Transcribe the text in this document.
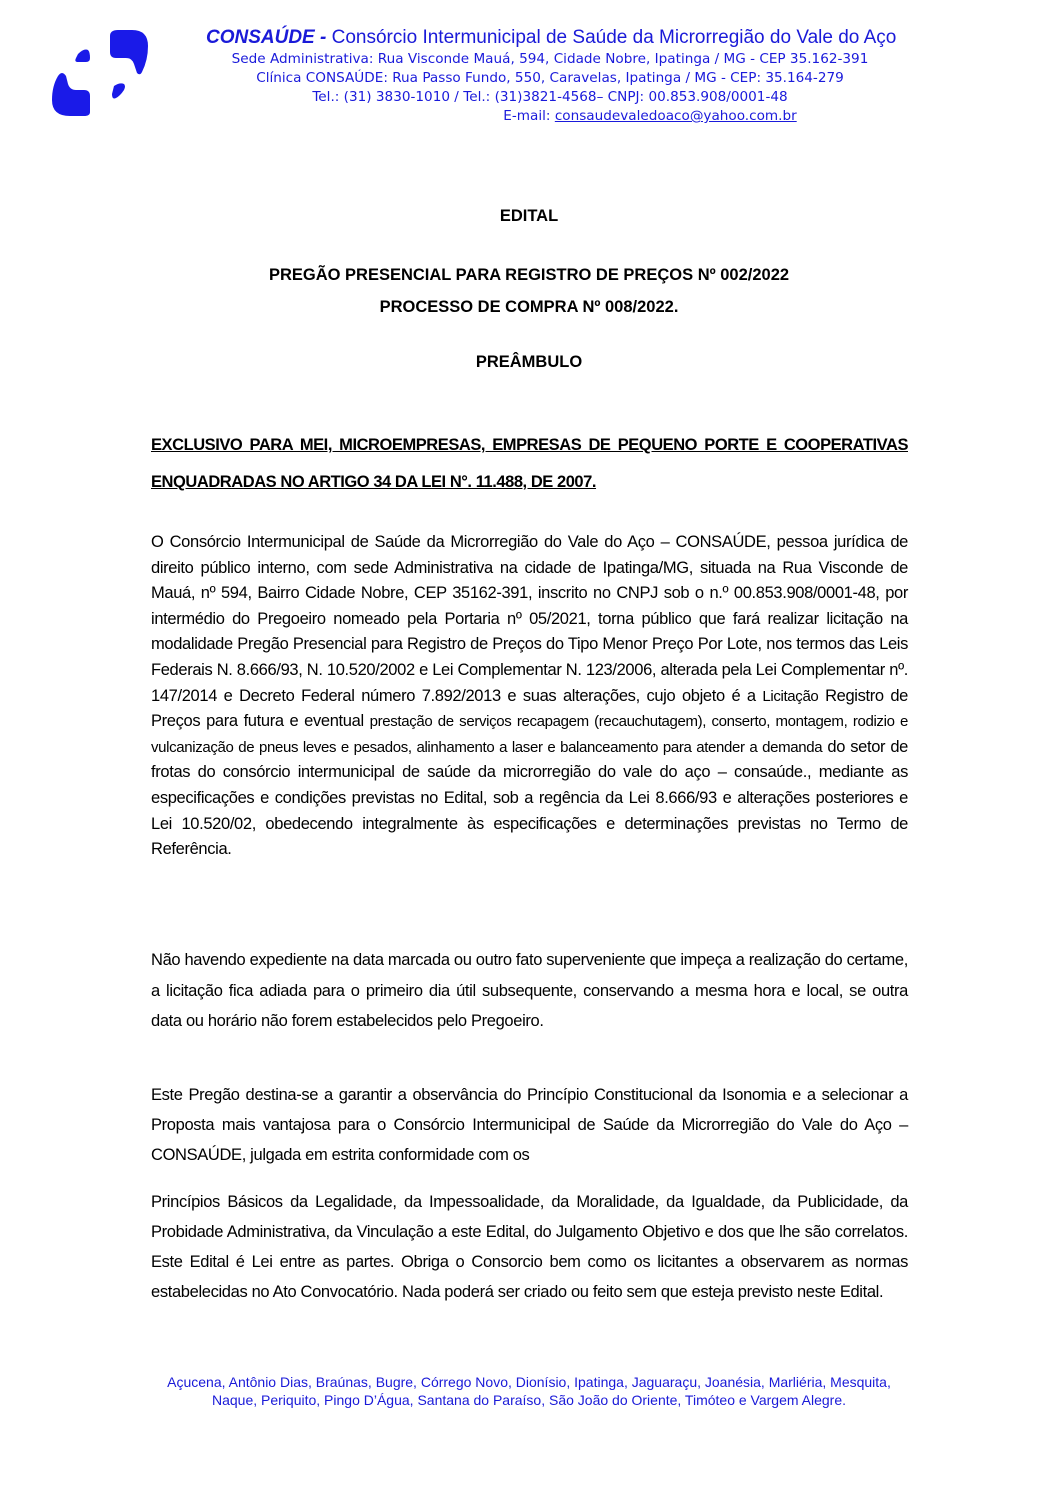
CONSAÚDE - Consórcio Intermunicipal de Saúde da Microrregião do Vale do Aço
Sede Administrativa: Rua Visconde Mauá, 594, Cidade Nobre, Ipatinga / MG - CEP 35.162-391
Clínica CONSAÚDE: Rua Passo Fundo, 550, Caravelas, Ipatinga / MG - CEP: 35.164-279
Tel.: (31) 3830-1010 / Tel.: (31)3821-4568– CNPJ: 00.853.908/0001-48
E-mail: consaudevaledoaco@yahoo.com.br
EDITAL
PREGÃO PRESENCIAL PARA REGISTRO DE PREÇOS Nº 002/2022
PROCESSO DE COMPRA Nº 008/2022.
PREÂMBULO
EXCLUSIVO PARA MEI, MICROEMPRESAS, EMPRESAS DE PEQUENO PORTE E COOPERATIVAS ENQUADRADAS NO ARTIGO 34 DA LEI N°. 11.488, DE 2007.
O Consórcio Intermunicipal de Saúde da Microrregião do Vale do Aço – CONSAÚDE, pessoa jurídica de direito público interno, com sede Administrativa na cidade de Ipatinga/MG, situada na Rua Visconde de Mauá, nº 594, Bairro Cidade Nobre, CEP 35162-391, inscrito no CNPJ sob o n.º 00.853.908/0001-48, por intermédio do Pregoeiro nomeado pela Portaria nº 05/2021, torna público que fará realizar licitação na modalidade Pregão Presencial para Registro de Preços do Tipo Menor Preço Por Lote, nos termos das Leis Federais N. 8.666/93, N. 10.520/2002 e Lei Complementar N. 123/2006, alterada pela Lei Complementar nº. 147/2014 e Decreto Federal número 7.892/2013 e suas alterações, cujo objeto é a Licitação Registro de Preços para futura e eventual prestação de serviços recapagem (recauchutagem), conserto, montagem, rodizio e vulcanização de pneus leves e pesados, alinhamento a laser e balanceamento para atender a demanda do setor de frotas do consórcio intermunicipal de saúde da microrregião do vale do aço – consaúde., mediante as especificações e condições previstas no Edital, sob a regência da Lei 8.666/93 e alterações posteriores e Lei 10.520/02, obedecendo integralmente às especificações e determinações previstas no Termo de Referência.
Não havendo expediente na data marcada ou outro fato superveniente que impeça a realização do certame, a licitação fica adiada para o primeiro dia útil subsequente, conservando a mesma hora e local, se outra data ou horário não forem estabelecidos pelo Pregoeiro.
Este Pregão destina-se a garantir a observância do Princípio Constitucional da Isonomia e a selecionar a Proposta mais vantajosa para o Consórcio Intermunicipal de Saúde da Microrregião do Vale do Aço – CONSAÚDE, julgada em estrita conformidade com os
Princípios Básicos da Legalidade, da Impessoalidade, da Moralidade, da Igualdade, da Publicidade, da Probidade Administrativa, da Vinculação a este Edital, do Julgamento Objetivo e dos que lhe são correlatos. Este Edital é Lei entre as partes. Obriga o Consorcio bem como os licitantes a observarem as normas estabelecidas no Ato Convocatório. Nada poderá ser criado ou feito sem que esteja previsto neste Edital.
Açucena, Antônio Dias, Braúnas, Bugre, Córrego Novo, Dionísio, Ipatinga, Jaguaraçu, Joanésia, Marliéria, Mesquita,
Naque, Periquito, Pingo D’Água, Santana do Paraíso, São João do Oriente, Timóteo e Vargem Alegre.
